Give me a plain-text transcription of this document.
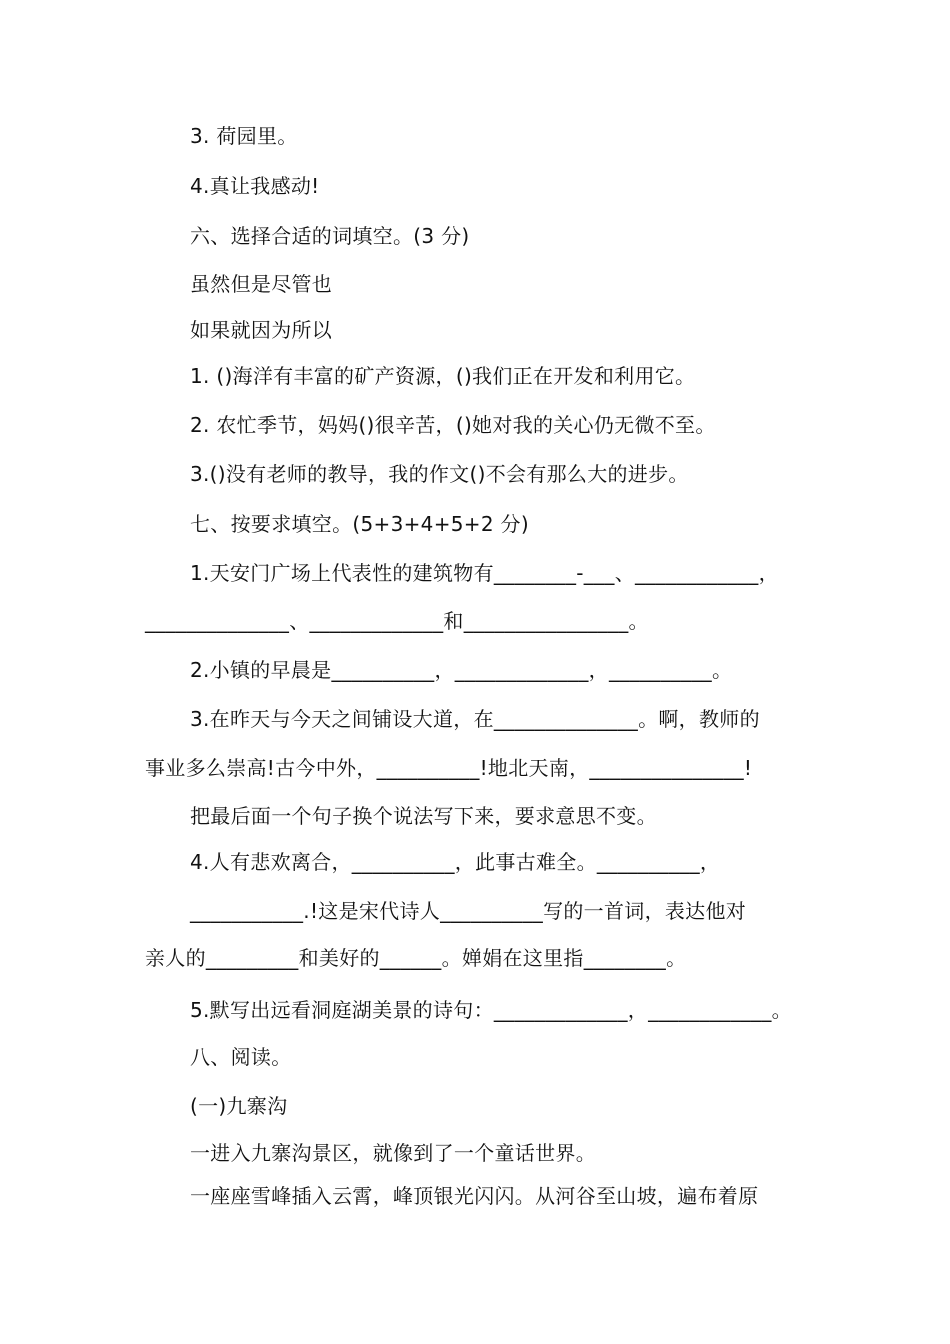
3. 荷园里。
4.真让我感动!
六、选择合适的词填空。(3 分)
虽然但是尽管也
如果就因为所以
1. ()海洋有丰富的矿产资源，()我们正在开发和利用它。
2. 农忙季节，妈妈()很辛苦，()她对我的关心仍无微不至。
3.()没有老师的教导，我的作文()不会有那么大的进步。
七、按要求填空。(5+3+4+5+2 分)
1.天安门广场上代表性的建筑物有________-___、____________，
______________、_____________和________________。
2.小镇的早晨是__________，_____________，__________。
3.在昨天与今天之间铺设大道，在______________。啊，教师的
事业多么崇高!古今中外，__________!地北天南，_______________!
把最后面一个句子换个说法写下来，要求意思不变。
4.人有悲欢离合，__________，此事古难全。__________，
___________.!这是宋代诗人__________写的一首词，表达他对
亲人的_________和美好的______。婵娟在这里指________。
5.默写出远看洞庭湖美景的诗句：_____________，____________。
八、阅读。
(一)九寨沟
一进入九寨沟景区，就像到了一个童话世界。
一座座雪峰插入云霄，峰顶银光闪闪。从河谷至山坡，遍布着原
